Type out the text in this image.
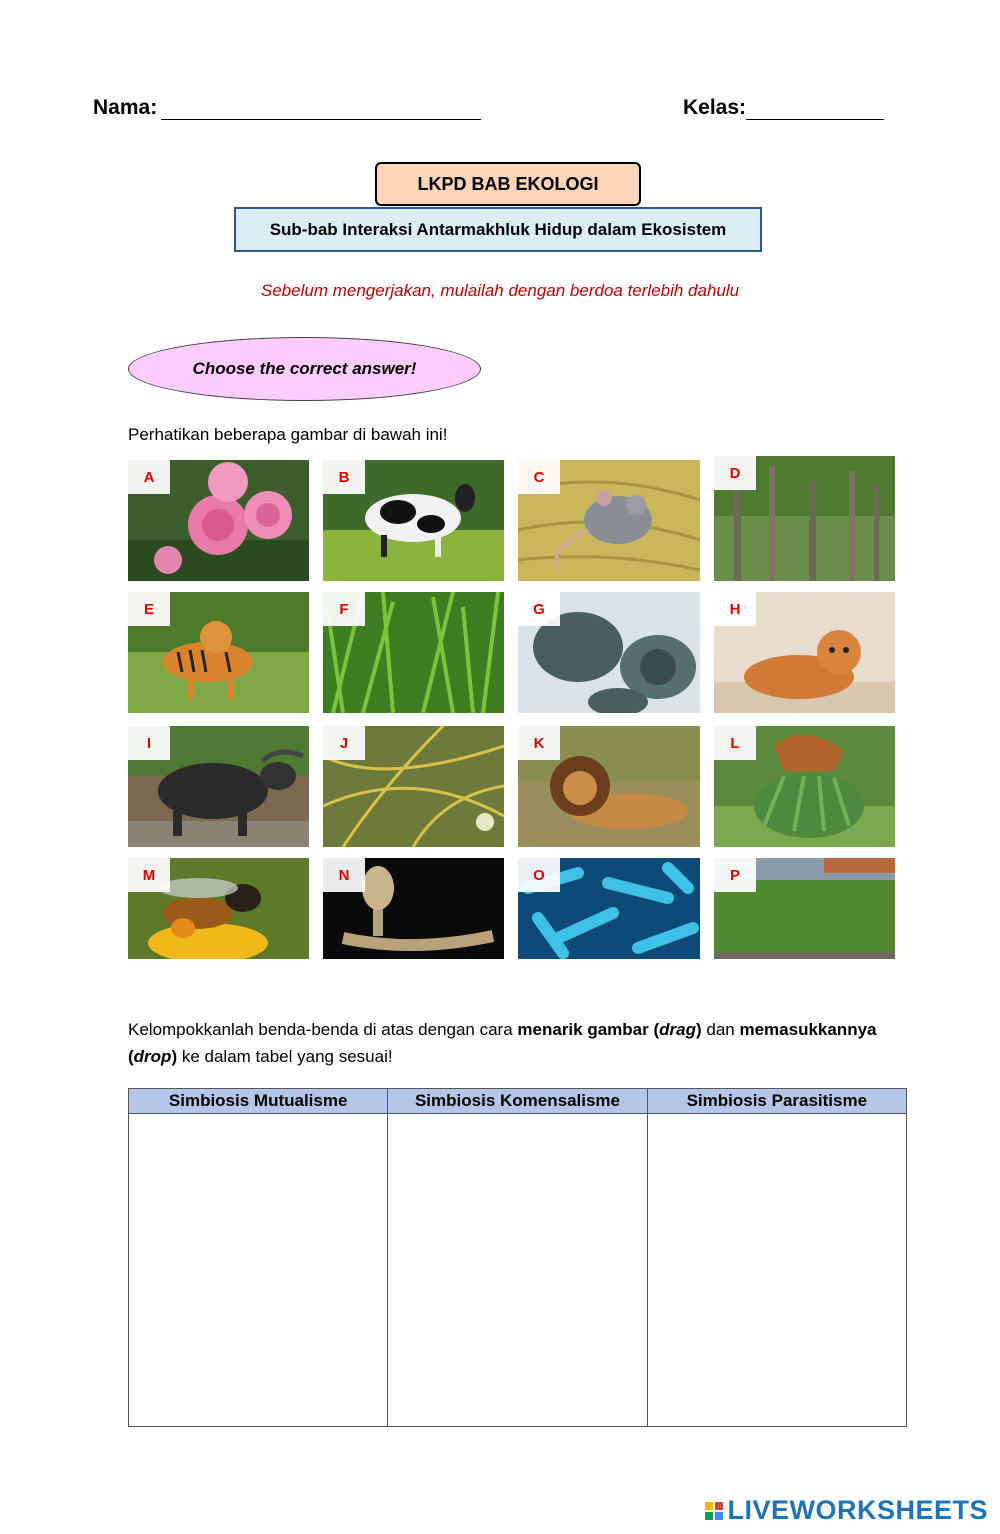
Nama:	Kelas:
LKPD BAB EKOLOGI
Sub-bab Interaksi Antarmakhluk Hidup dalam Ekosistem
Sebelum mengerjakan, mulailah dengan berdoa terlebih dahulu
Choose the correct answer!
Perhatikan beberapa gambar di bawah ini!
A	B	C	D
E	F	G	H
I	J	K	L
M	N	O	P
Kelompokkanlah benda-benda di atas dengan cara menarik gambar (drag) dan memasukkannya
(drop) ke dalam tabel yang sesuai!
Simbiosis Mutualisme	Simbiosis Komensalisme	Simbiosis Parasitisme

LIVEWORKSHEETS
